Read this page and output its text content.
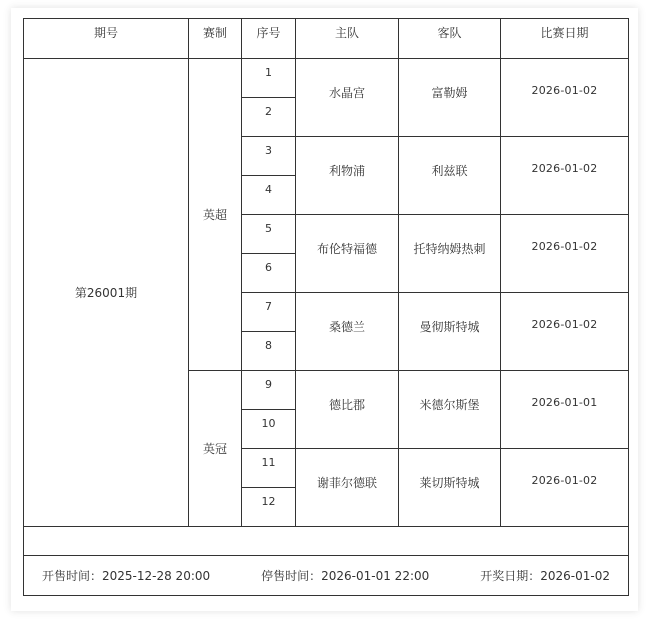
期号	赛制	序号	主队	客队	比赛日期
第26001期	英超	1	水晶宫	富勒姆	2026-01-02
		2			
		3	利物浦	利兹联	2026-01-02
		4			
		5	布伦特福德	托特纳姆热刺	2026-01-02
		6			
		7	桑德兰	曼彻斯特城	2026-01-02
		8			
	英冠	9	德比郡	米德尔斯堡	2026-01-01
		10			
		11	谢菲尔德联	莱切斯特城	2026-01-02
		12			

开售时间：2025-12-28 20:00 停售时间：2026-01-01 22:00 开奖日期：2026-01-02					
